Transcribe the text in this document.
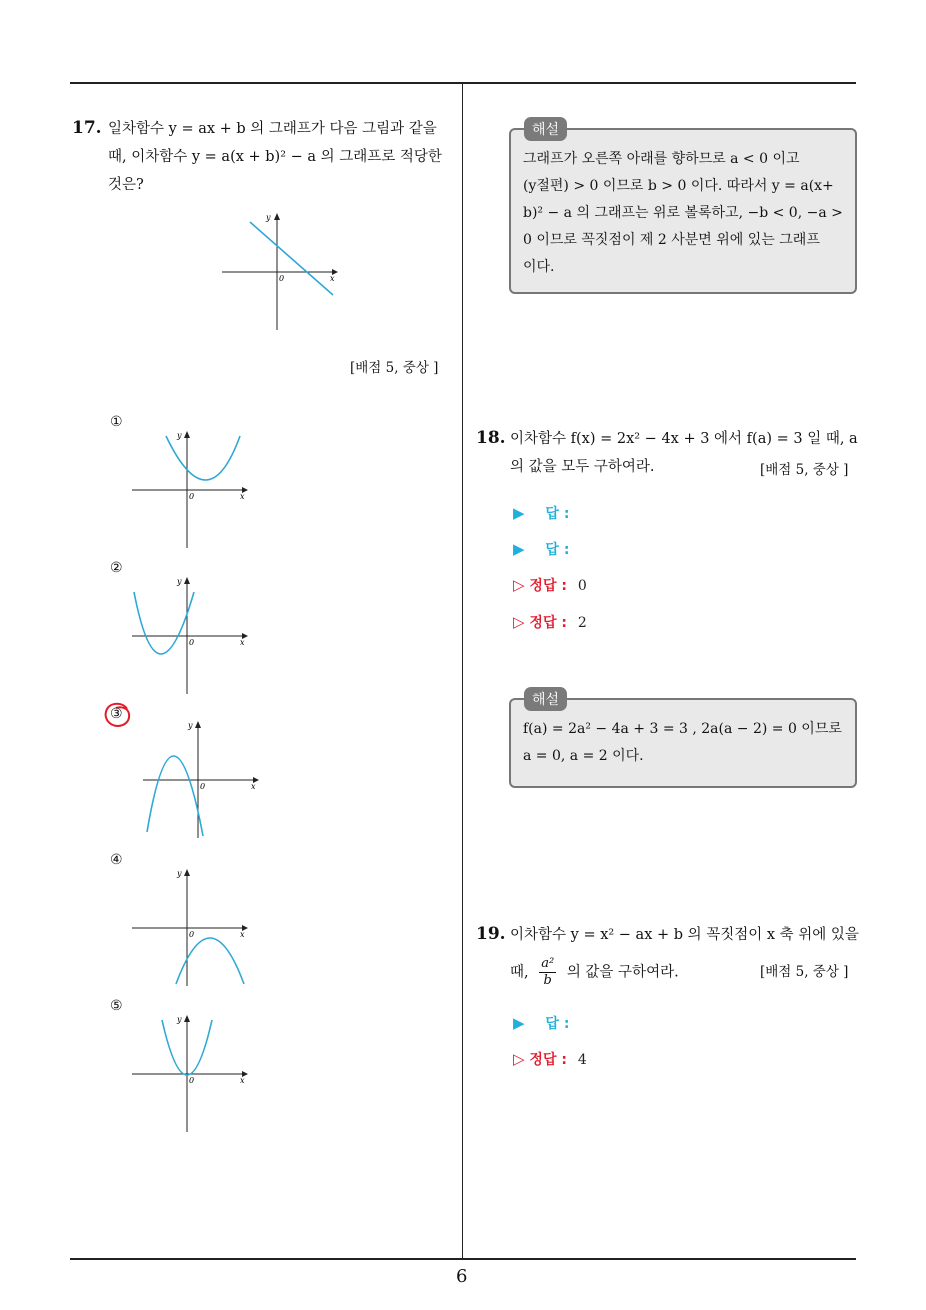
17. 일차함수 y = ax + b 의 그래프가 다음 그림과 같을
때, 이차함수 y = a(x + b)² − a 의 그래프로 적당한
것은?
y
x
0
[배점 5, 중상 ]
①
y
x
0
②
y
x
0
③
y
x
0
④
y
x
0
⑤
y
x
0
그래프가 오른쪽 아래를 향하므로 a < 0 이고
(y절편) > 0 이므로 b > 0 이다. 따라서 y = a(x+
b)² − a 의 그래프는 위로 볼록하고, −b < 0, −a >
0 이므로 꼭짓점이 제 2 사분면 위에 있는 그래프
이다.
해설
18. 이차함수 f(x) = 2x² − 4x + 3 에서 f(a) = 3 일 때, a
의 값을 모두 구하여라.	[배점 5, 중상 ]
▶ 답 :
▶ 답 :
▷ 정답 : 0
▷ 정답 : 2
f(a) = 2a² − 4a + 3 = 3 , 2a(a − 2) = 0 이므로
a = 0, a = 2 이다.
해설
19. 이차함수 y = x² − ax + b 의 꼭짓점이 x 축 위에 있을
때, $\frac{\text{a²}}{b}$ 의 값을 구하여라.	[배점 5, 중상 ]
▶ 답 :
▷ 정답 : 4
6
